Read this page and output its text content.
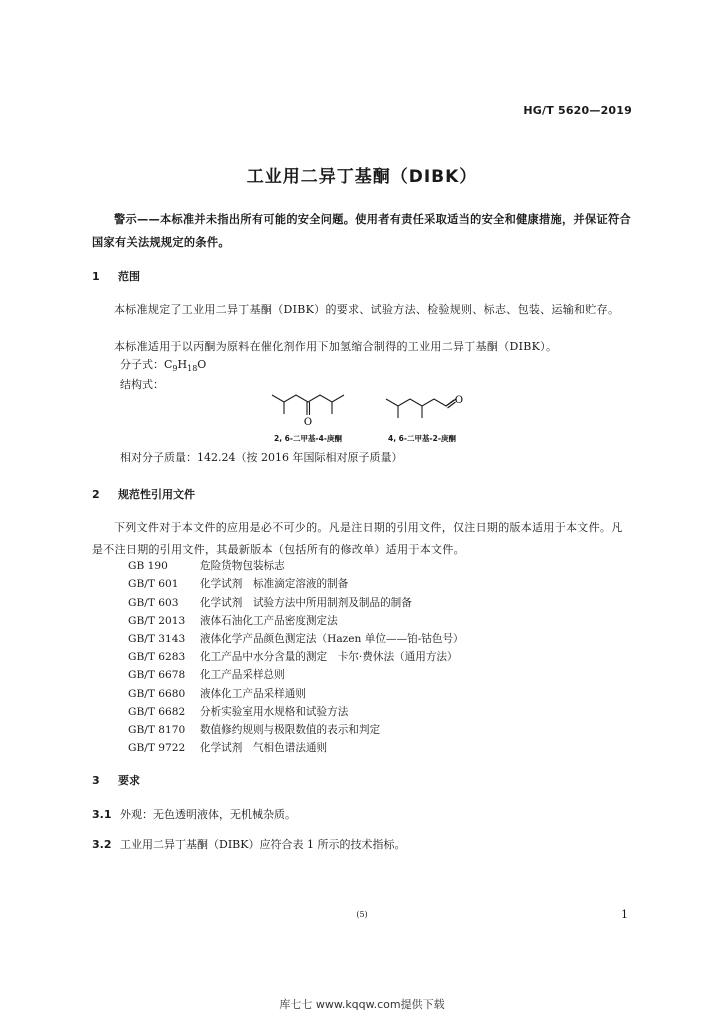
HG/T 5620—2019
工业用二异丁基酮（DIBK）
警示——本标准并未指出所有可能的安全问题。使用者有责任采取适当的安全和健康措施，并保证符合国家有关法规规定的条件。
1 范围
本标准规定了工业用二异丁基酮（DIBK）的要求、试验方法、检验规则、标志、包装、运输和贮存。
本标准适用于以丙酮为原料在催化剂作用下加氢缩合制得的工业用二异丁基酮（DIBK）。
分子式：$C_9H_{18}O$
结构式：
O
2, 6-二甲基-4-庚酮
O
4, 6-二甲基-2-庚酮
相对分子质量：142.24（按 2016 年国际相对原子质量）
2 规范性引用文件
下列文件对于本文件的应用是必不可少的。凡是注日期的引用文件，仅注日期的版本适用于本文件。凡是不注日期的引用文件，其最新版本（包括所有的修改单）适用于本文件。
GB 190	危险货物包装标志
GB/T 601 化学试剂　标准滴定溶液的制备
GB/T 603 化学试剂　试验方法中所用制剂及制品的制备
GB/T 2013 液体石油化工产品密度测定法
GB/T 3143 液体化学产品颜色测定法（Hazen 单位——铂-钴色号）
GB/T 6283 化工产品中水分含量的测定　卡尔·费休法（通用方法）
GB/T 6678 化工产品采样总则
GB/T 6680 液体化工产品采样通则
GB/T 6682 分析实验室用水规格和试验方法
GB/T 8170 数值修约规则与极限数值的表示和判定
GB/T 9722 化学试剂　气相色谱法通则
3 要求
3.1 外观：无色透明液体，无机械杂质。
3.2 工业用二异丁基酮（DIBK）应符合表 1 所示的技术指标。
(5)	1
库七七 www.kqqw.com提供下载
